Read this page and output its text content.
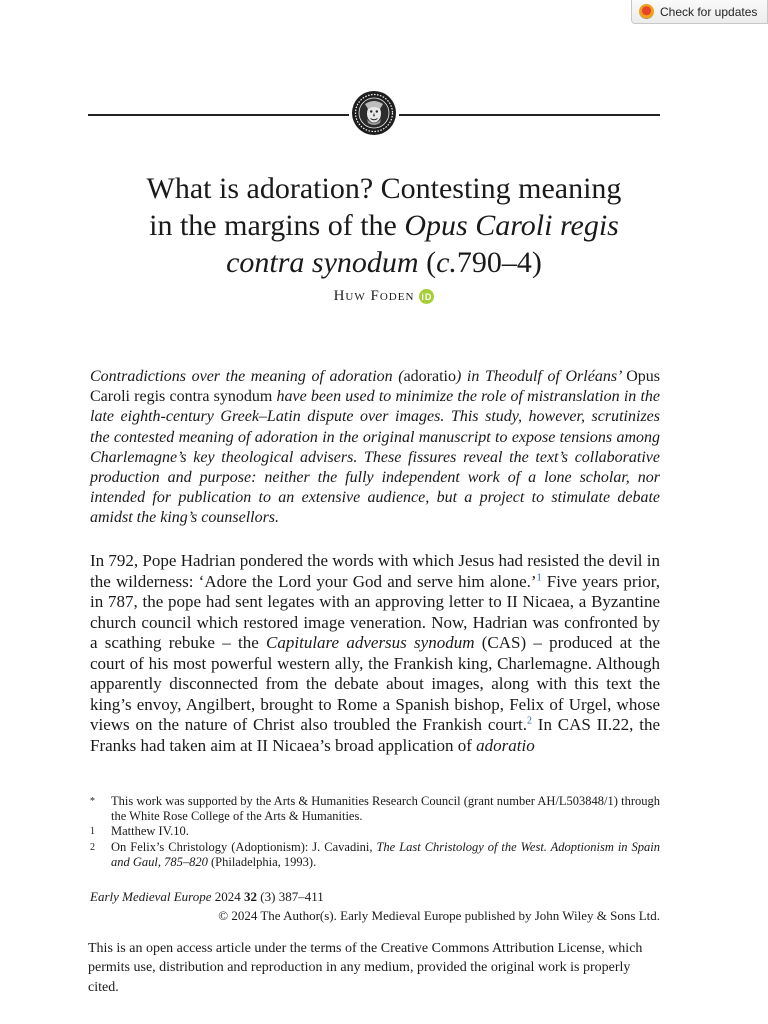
Check for updates
What is adoration? Contesting meaning
in the margins of the Opus Caroli regis
contra synodum (c.790–4)
Huw Foden iD

Contradictions over the meaning of adoration (adoratio) in Theodulf of Orléans’ Opus Caroli regis contra synodum have been used to minimize the role of mistranslation in the late eighth-century Greek–Latin dispute over images. This study, however, scrutinizes the contested meaning of adoration in the original manuscript to expose tensions among Charlemagne’s key theological advisers. These fissures reveal the text’s collaborative production and purpose: neither the fully independent work of a lone scholar, nor intended for publication to an extensive audience, but a project to stimulate debate amidst the king’s counsellors.

In 792, Pope Hadrian pondered the words with which Jesus had resisted the devil in the wilderness: ‘Adore the Lord your God and serve him alone.’$^1$ Five years prior, in 787, the pope had sent legates with an approving letter to II Nicaea, a Byzantine church council which restored image veneration. Now, Hadrian was confronted by a scathing rebuke – the Capitulare adversus synodum (CAS) – produced at the court of his most powerful western ally, the Frankish king, Charlemagne. Although apparently disconnected from the debate about images, along with this text the king’s envoy, Angilbert, brought to Rome a Spanish bishop, Felix of Urgel, whose views on the nature of Christ also troubled the Frankish court.$^2$ In CAS II.22, the Franks had taken aim at II Nicaea’s broad application of adoratio

*	This work was supported by the Arts & Humanities Research Council (grant number AH/L503848/1) through the White Rose College of the Arts & Humanities.
1	Matthew IV.10.
2	On Felix’s Christology (Adoptionism): J. Cavadini, The Last Christology of the West. Adoptionism in Spain and Gaul, 785–820 (Philadelphia, 1993).
Early Medieval Europe 2024 32 (3) 387–411
© 2024 The Author(s). Early Medieval Europe published by John Wiley & Sons Ltd.

This is an open access article under the terms of the Creative Commons Attribution License, which permits use, distribution and reproduction in any medium, provided the original work is properly cited.
